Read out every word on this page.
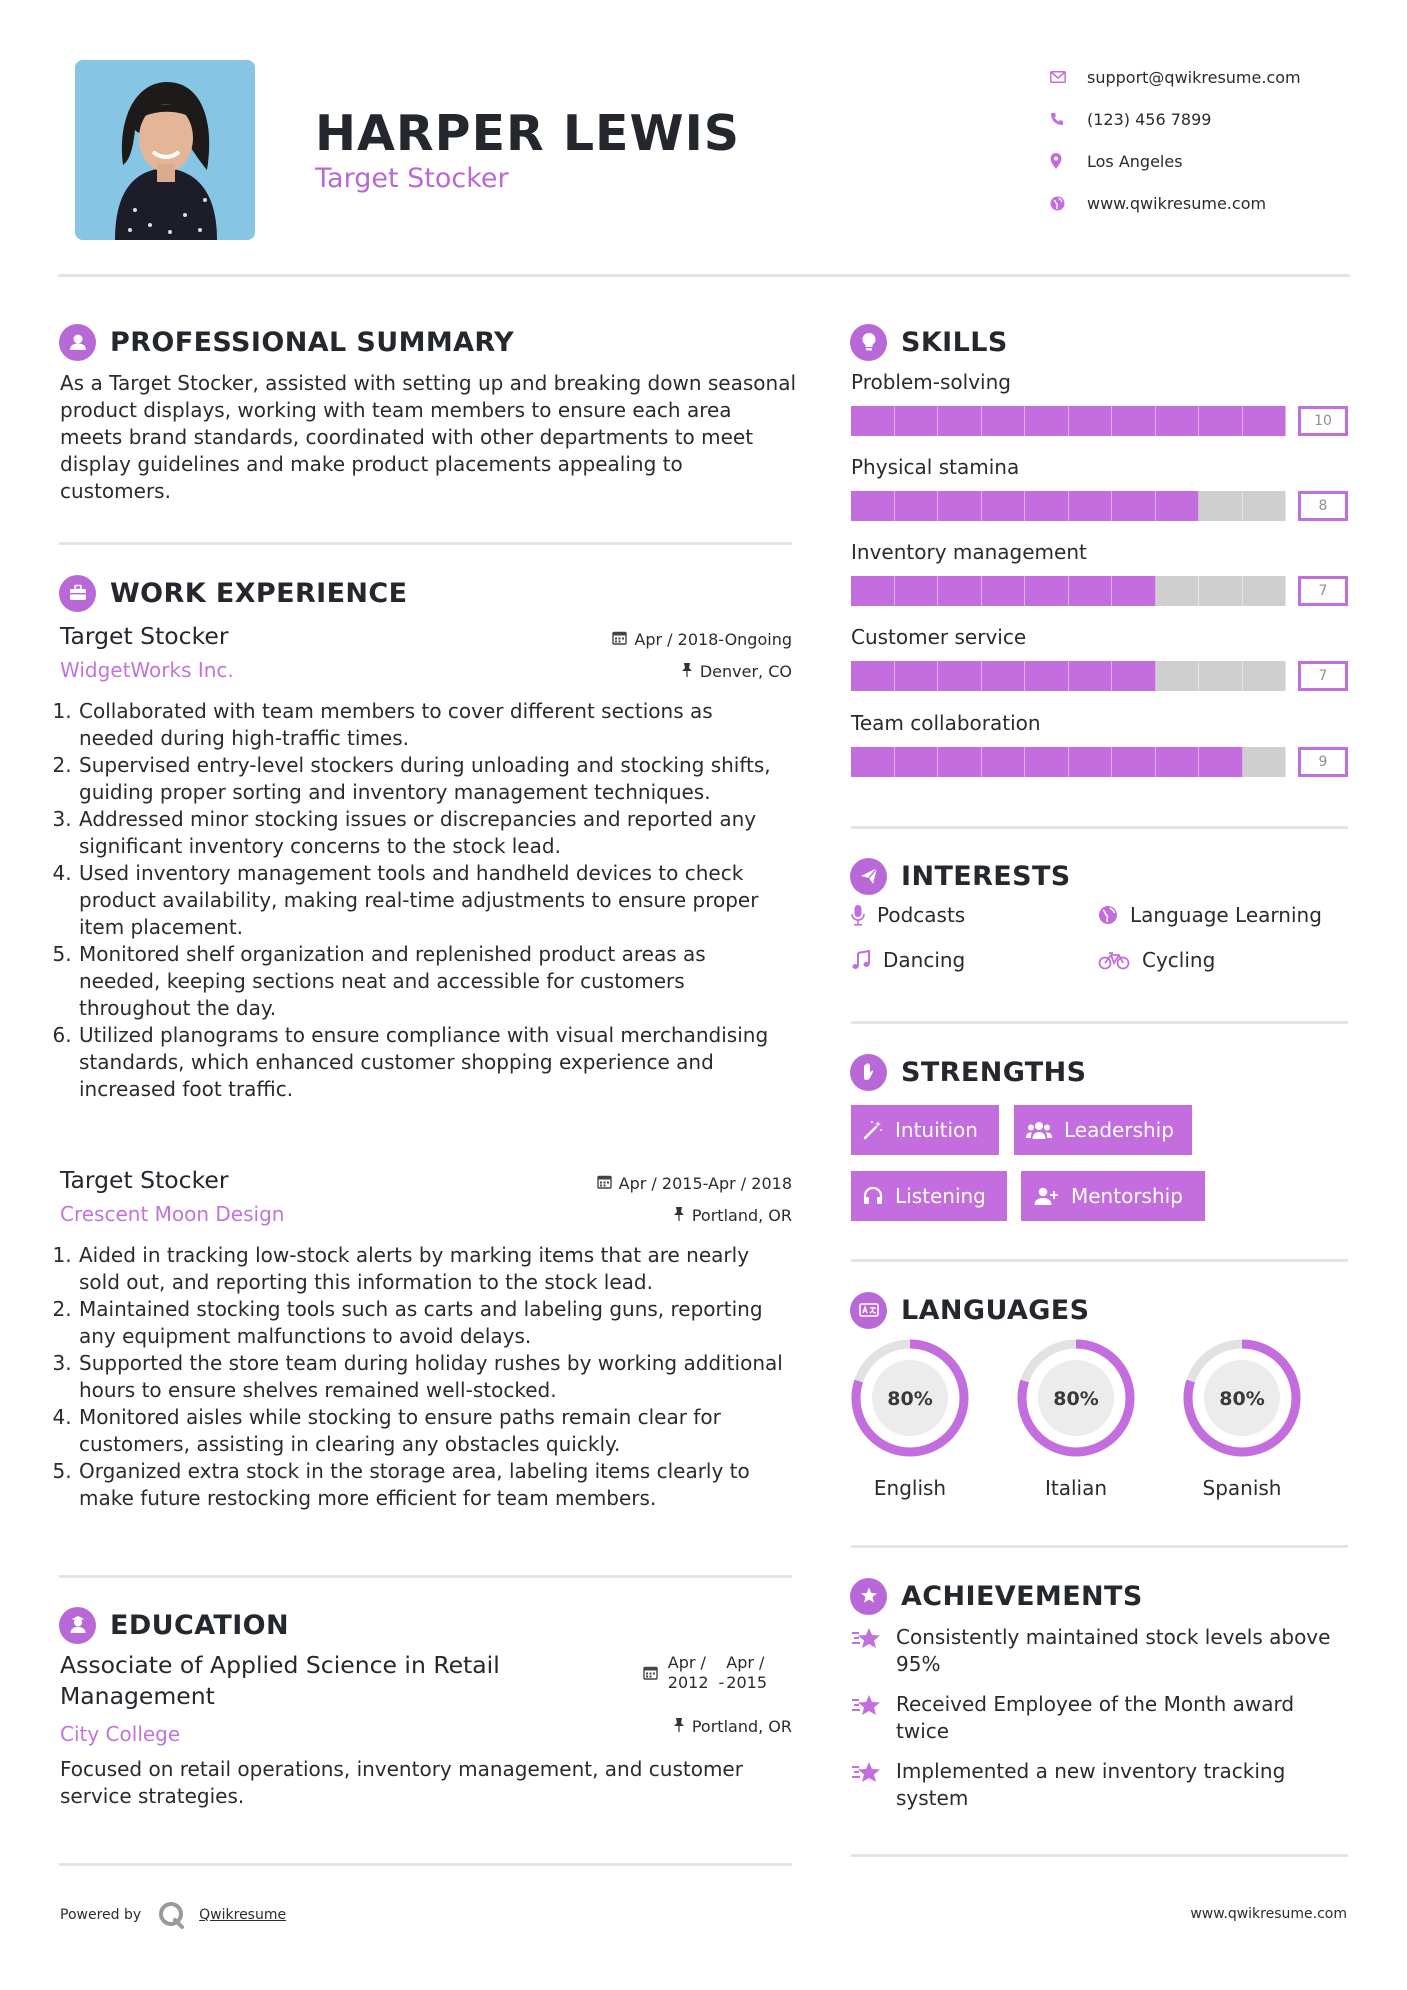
HARPER LEWIS
Target Stocker
support@qwikresume.com
(123) 456 7899
Los Angeles
www.qwikresume.com
PROFESSIONAL SUMMARY
As a Target Stocker, assisted with setting up and breaking down seasonal product displays, working with team members to ensure each area meets brand standards, coordinated with other departments to meet display guidelines and make product placements appealing to customers.
WORK EXPERIENCE
Target Stocker
WidgetWorks Inc.
Apr / 2018-Ongoing
Denver, CO
1. Collaborated with team members to cover different sections as needed during high-traffic times.
2. Supervised entry-level stockers during unloading and stocking shifts, guiding proper sorting and inventory management techniques.
3. Addressed minor stocking issues or discrepancies and reported any significant inventory concerns to the stock lead.
4. Used inventory management tools and handheld devices to check product availability, making real-time adjustments to ensure proper item placement.
5. Monitored shelf organization and replenished product areas as needed, keeping sections neat and accessible for customers throughout the day.
6. Utilized planograms to ensure compliance with visual merchandising standards, which enhanced customer shopping experience and increased foot traffic.
Target Stocker
Crescent Moon Design
Apr / 2015-Apr / 2018
Portland, OR
1. Aided in tracking low-stock alerts by marking items that are nearly sold out, and reporting this information to the stock lead.
2. Maintained stocking tools such as carts and labeling guns, reporting any equipment malfunctions to avoid delays.
3. Supported the store team during holiday rushes by working additional hours to ensure shelves remained well-stocked.
4. Monitored aisles while stocking to ensure paths remain clear for customers, assisting in clearing any obstacles quickly.
5. Organized extra stock in the storage area, labeling items clearly to make future restocking more efficient for team members.
EDUCATION
Associate of Applied Science in Retail Management
Apr /
2012 -
Apr /
2015
City College	Portland, OR
Focused on retail operations, inventory management, and customer service strategies.
Powered by	Qwikresume	www.qwikresume.com
SKILLS
Problem-solving
10
Physical stamina
8
Inventory management
7
Customer service
7
Team collaboration
9
INTERESTS
Podcasts	Language Learning
Dancing	Cycling
STRENGTHS
Intuition	Leadership
Listening	Mentorship
LANGUAGES
80%
English
80%
Italian
80%
Spanish
ACHIEVEMENTS
Consistently maintained stock levels above 95%
Received Employee of the Month award twice
Implemented a new inventory tracking system
